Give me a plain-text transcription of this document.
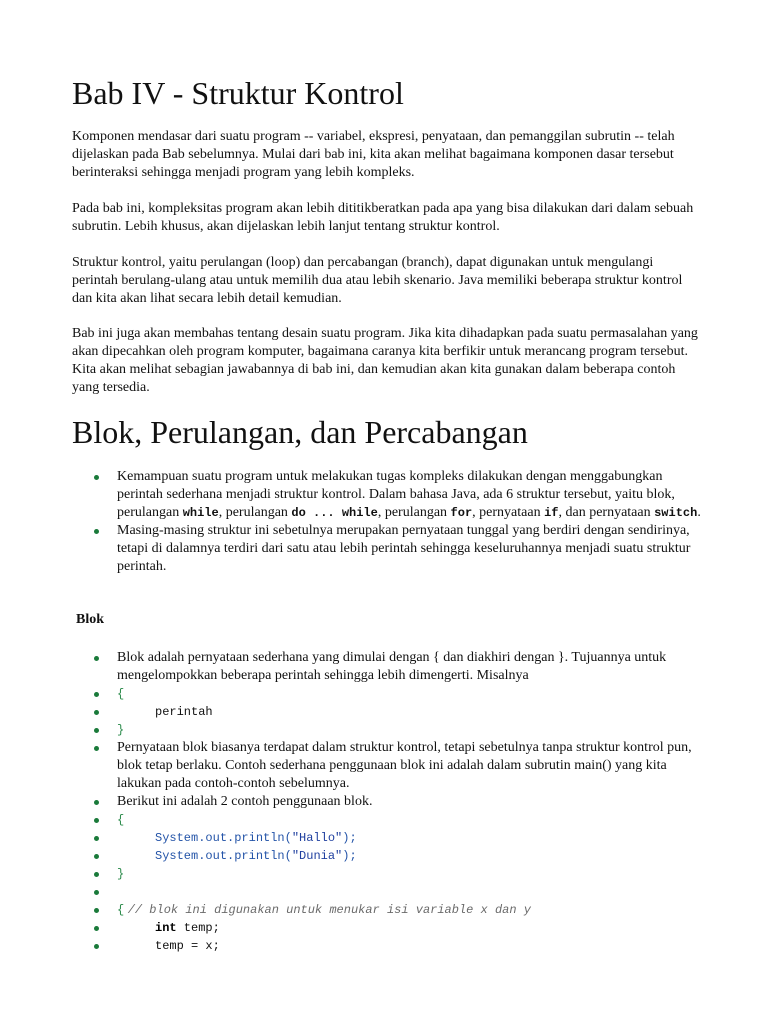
Bab IV - Struktur Kontrol

Komponen mendasar dari suatu program -- variabel, ekspresi, penyataan, dan pemanggilan subrutin -- telah dijelaskan pada Bab sebelumnya. Mulai dari bab ini, kita akan melihat bagaimana komponen dasar tersebut berinteraksi sehingga menjadi program yang lebih kompleks.

Pada bab ini, kompleksitas program akan lebih dititikberatkan pada apa yang bisa dilakukan dari dalam sebuah subrutin. Lebih khusus, akan dijelaskan lebih lanjut tentang struktur kontrol.

Struktur kontrol, yaitu perulangan (loop) dan percabangan (branch), dapat digunakan untuk mengulangi perintah berulang-ulang atau untuk memilih dua atau lebih skenario. Java memiliki beberapa struktur kontrol dan kita akan lihat secara lebih detail kemudian.

Bab ini juga akan membahas tentang desain suatu program. Jika kita dihadapkan pada suatu permasalahan yang akan dipecahkan oleh program komputer, bagaimana caranya kita berfikir untuk merancang program tersebut. Kita akan melihat sebagian jawabannya di bab ini, dan kemudian akan kita gunakan dalam beberapa contoh yang tersedia.

Blok, Perulangan, dan Percabangan
Kemampuan suatu program untuk melakukan tugas kompleks dilakukan dengan menggabungkan perintah sederhana menjadi struktur kontrol. Dalam bahasa Java, ada 6 struktur tersebut, yaitu blok, perulangan while, perulangan do ... while, perulangan for, pernyataan if, dan pernyataan switch.
Masing-masing struktur ini sebetulnya merupakan pernyataan tunggal yang berdiri dengan sendirinya, tetapi di dalamnya terdiri dari satu atau lebih perintah sehingga keseluruhannya menjadi suatu struktur perintah.
Blok
Blok adalah pernyataan sederhana yang dimulai dengan { dan diakhiri dengan }. Tujuannya untuk mengelompokkan beberapa perintah sehingga lebih dimengerti. Misalnya
{
perintah
}
Pernyataan blok biasanya terdapat dalam struktur kontrol, tetapi sebetulnya tanpa struktur kontrol pun, blok tetap berlaku. Contoh sederhana penggunaan blok ini adalah dalam subrutin main() yang kita lakukan pada contoh-contoh sebelumnya.
Berikut ini adalah 2 contoh penggunaan blok.
{
System.out.println("Hallo");
System.out.println("Dunia");
}

{ // blok ini digunakan untuk menukar isi variable x dan y
int temp;
temp = x;
